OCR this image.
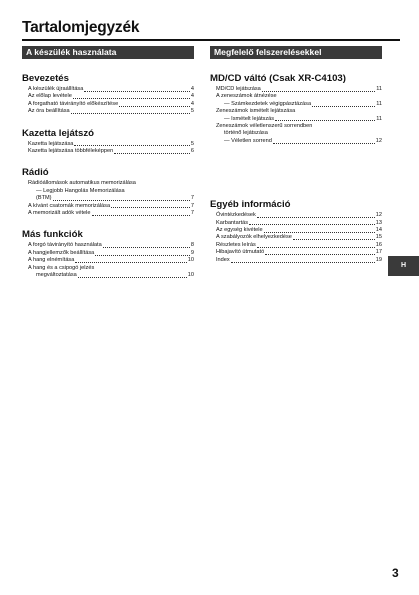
Tartalomjegyzék
A készülék használata
Bevezetés
A készülék újraállítása	4
Az előlap levétele	4
A forgatható távirányító előkészítése	4
Az óra beállítása	5
Kazetta lejátszó
Kazetta lejátszása	5
Kazetta lejátszása többféleképpen	6
Rádió
Rádióállomások automatikus memorizálása
— Legjobb Hangolás Memorizálása
(BTM)	7
A kívánt csatornák memorizálása	7
A memorizált adók vétele	7
Más funkciók
A forgó távirányító használata	8
A hangjellemzők beállítása	9
A hang elnémítása	10
A hang és a csipogó jelzés
megváltoztatása	10
Megfelelő felszerelésekkel
MD/CD váltó (Csak XR-C4103)
MD/CD lejátszása	11
A zeneszámok átnézése
— Számkezdetek végigpásztázása	11
Zeneszámok ismételt lejátszása
— Ismételt lejátszás	11
Zeneszámok véletlenszerű sorrendben
történő lejátszása
— Véletlen sorrend	12
Egyéb információ
Óvintézkedések	12
Karbantartás	13
Az egység kivétele	14
A szabályozók elhelyezkedése	15
Részletes leírás	16
Hibajavító útmutató	17
Index	19
H
3
